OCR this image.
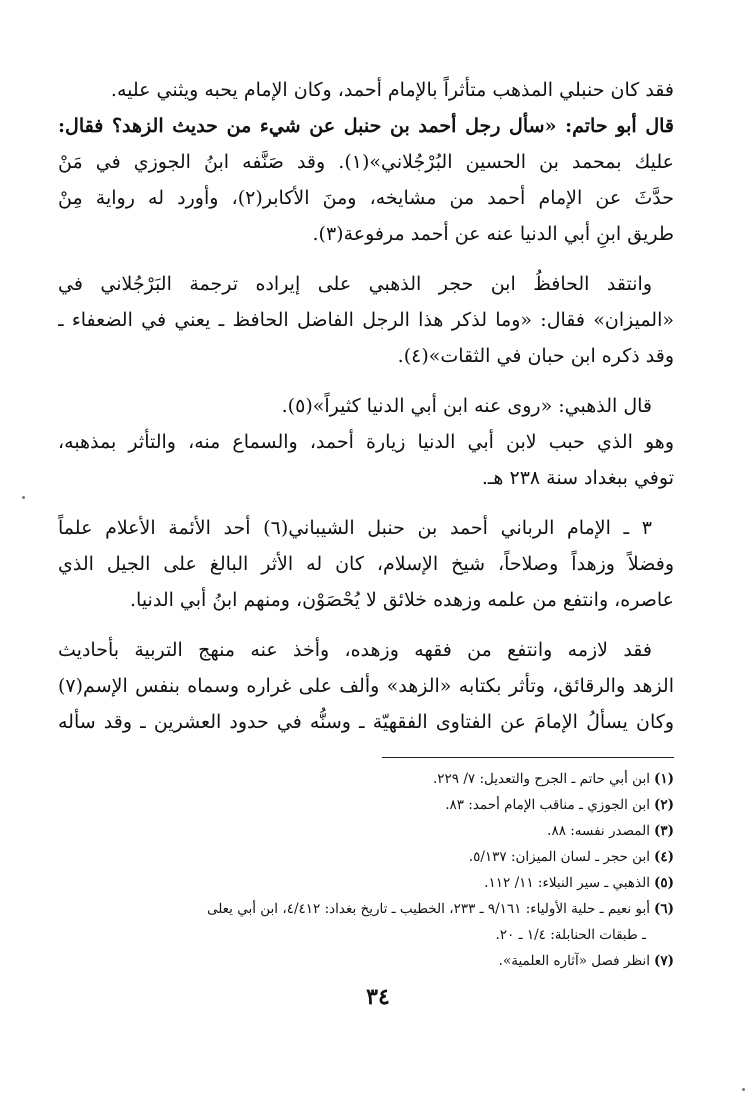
فقد كان حنبلي المذهب متأثراً بالإمام أحمد، وكان الإمام يحبه ويثني عليه.
قال أبو حاتم: «سأل رجل أحمد بن حنبل عن شيء من حديث الزهد؟ فقال:
عليك بمحمد بن الحسين البُرْجُلاني»(١). وقد صَنَّفه ابنُ الجوزي في مَنْ
حدَّثَ عن الإمام أحمد من مشايخه، ومنَ الأكابر(٢)، وأورد له رواية مِنْ
طريق ابنِ أبي الدنيا عنه عن أحمد مرفوعة(٣).
وانتقد الحافظُ ابن حجر الذهبي على إيراده ترجمة البَرْجُلاني في
«الميزان» فقال: «وما لذكر هذا الرجل الفاضل الحافظ ـ يعني في الضعفاء ـ
وقد ذكره ابن حبان في الثقات»(٤).
قال الذهبي: «روى عنه ابن أبي الدنيا كثيراً»(٥).
وهو الذي حبب لابن أبي الدنيا زيارة أحمد، والسماع منه، والتأثر بمذهبه،
توفي ببغداد سنة ٢٣٨ هـ.
٣ ـ الإمام الرباني أحمد بن حنبل الشيباني(٦) أحد الأئمة الأعلام علماً
وفضلاً وزهداً وصلاحاً، شيخ الإسلام، كان له الأثر البالغ على الجيل الذي
عاصره، وانتفع من علمه وزهده خلائق لا يُحْصَوْن، ومنهم ابنُ أبي الدنيا.
فقد لازمه وانتفع من فقهه وزهده، وأخذ عنه منهج التربية بأحاديث
الزهد والرقائق، وتأثر بكتابه «الزهد» وألف على غراره وسماه بنفس الإسم(٧)
وكان يسألُ الإمامَ عن الفتاوى الفقهيّة ـ وسنُّه في حدود العشرين ـ وقد سأله
(١)ابن أبي حاتم ـ الجرح والتعديل: ٧/ ٢٢٩.
(٢)ابن الجوزي ـ مناقب الإمام أحمد: ٨٣.
(٣)المصدر نفسه: ٨٨.
(٤)ابن حجر ـ لسان الميزان: ٥/١٣٧.
(٥)الذهبي ـ سير النبلاء: ١١/ ١١٢.
(٦)أبو نعيم ـ حلية الأولياء: ٩/١٦١ ـ ٢٣٣، الخطيب ـ تاريخ بغداد: ٤/٤١٢، ابن أبي يعلى
ـ طبقات الحنابلة: ١/٤ ـ ٢٠.
(٧)انظر فصل «آثاره العلمية».
٣٤
